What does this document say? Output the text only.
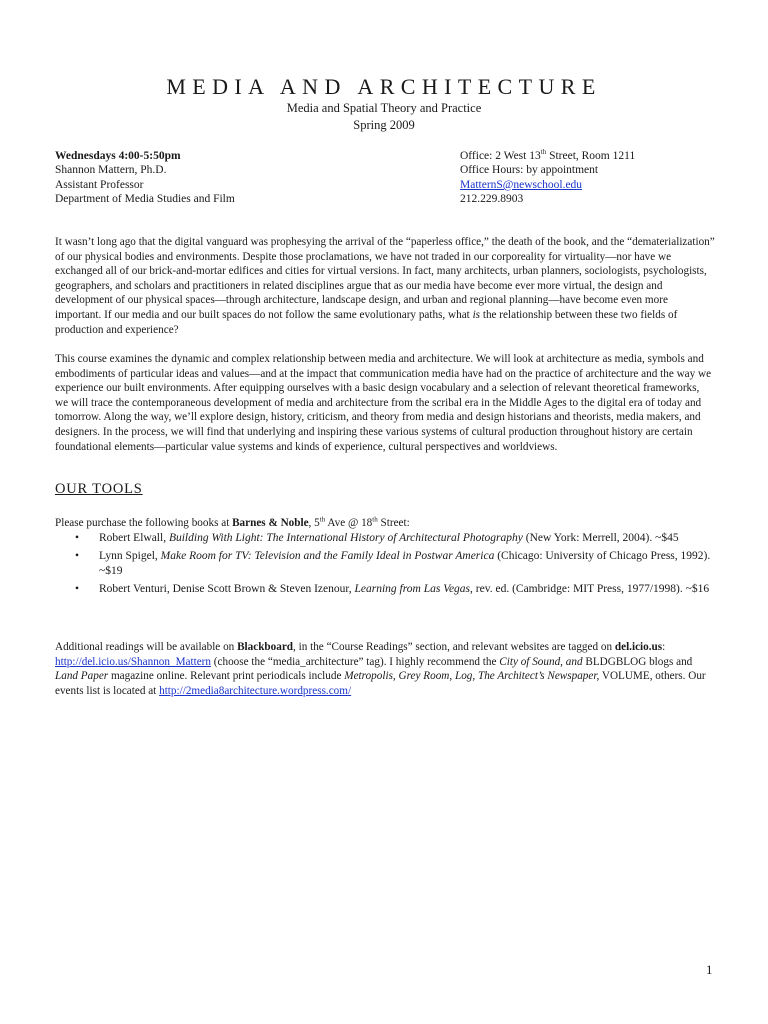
MEDIA AND ARCHITECTURE
Media and Spatial Theory and Practice
Spring 2009
Wednesdays 4:00-5:50pm
Shannon Mattern, Ph.D.
Assistant Professor
Department of Media Studies and Film
Office: 2 West 13th Street, Room 1211
Office Hours: by appointment
MatternS@newschool.edu
212.229.8903

It wasn’t long ago that the digital vanguard was prophesying the arrival of the “paperless office,” the death of the book, and the “dematerialization” of our physical bodies and environments. Despite those proclamations, we have not traded in our corporeality for virtuality—nor have we exchanged all of our brick-and-mortar edifices and cities for virtual versions. In fact, many architects, urban planners, sociologists, psychologists, geographers, and scholars and practitioners in related disciplines argue that as our media have become ever more virtual, the design and development of our physical spaces—through architecture, landscape design, and urban and regional planning—have become even more important. If our media and our built spaces do not follow the same evolutionary paths, what is the relationship between these two fields of production and experience?

This course examines the dynamic and complex relationship between media and architecture. We will look at architecture as media, symbols and embodiments of particular ideas and values—and at the impact that communication media have had on the practice of architecture and the way we experience our built environments. After equipping ourselves with a basic design vocabulary and a selection of relevant theoretical frameworks, we will trace the contemporaneous development of media and architecture from the scribal era in the Middle Ages to the digital era of today and tomorrow. Along the way, we’ll explore design, history, criticism, and theory from media and design historians and theorists, media makers, and designers. In the process, we will find that underlying and inspiring these various systems of cultural production throughout history are certain foundational elements—particular value systems and kinds of experience, cultural perspectives and worldviews.

OUR TOOLS
Please purchase the following books at Barnes & Noble, 5th Ave @ 18th Street:
• Robert Elwall, Building With Light: The International History of Architectural Photography (New York: Merrell, 2004). ~$45
• Lynn Spigel, Make Room for TV: Television and the Family Ideal in Postwar America (Chicago: University of Chicago Press, 1992). ~$19
• Robert Venturi, Denise Scott Brown & Steven Izenour, Learning from Las Vegas, rev. ed. (Cambridge: MIT Press, 1977/1998). ~$16

Additional readings will be available on Blackboard, in the “Course Readings” section, and relevant websites are tagged on del.icio.us: http://del.icio.us/Shannon_Mattern (choose the “media_architecture” tag). I highly recommend the City of Sound, and BLDGBLOG blogs and Land Paper magazine online. Relevant print periodicals include Metropolis, Grey Room, Log, The Architect’s Newspaper, VOLUME, others. Our events list is located at http://2media8architecture.wordpress.com/

1
